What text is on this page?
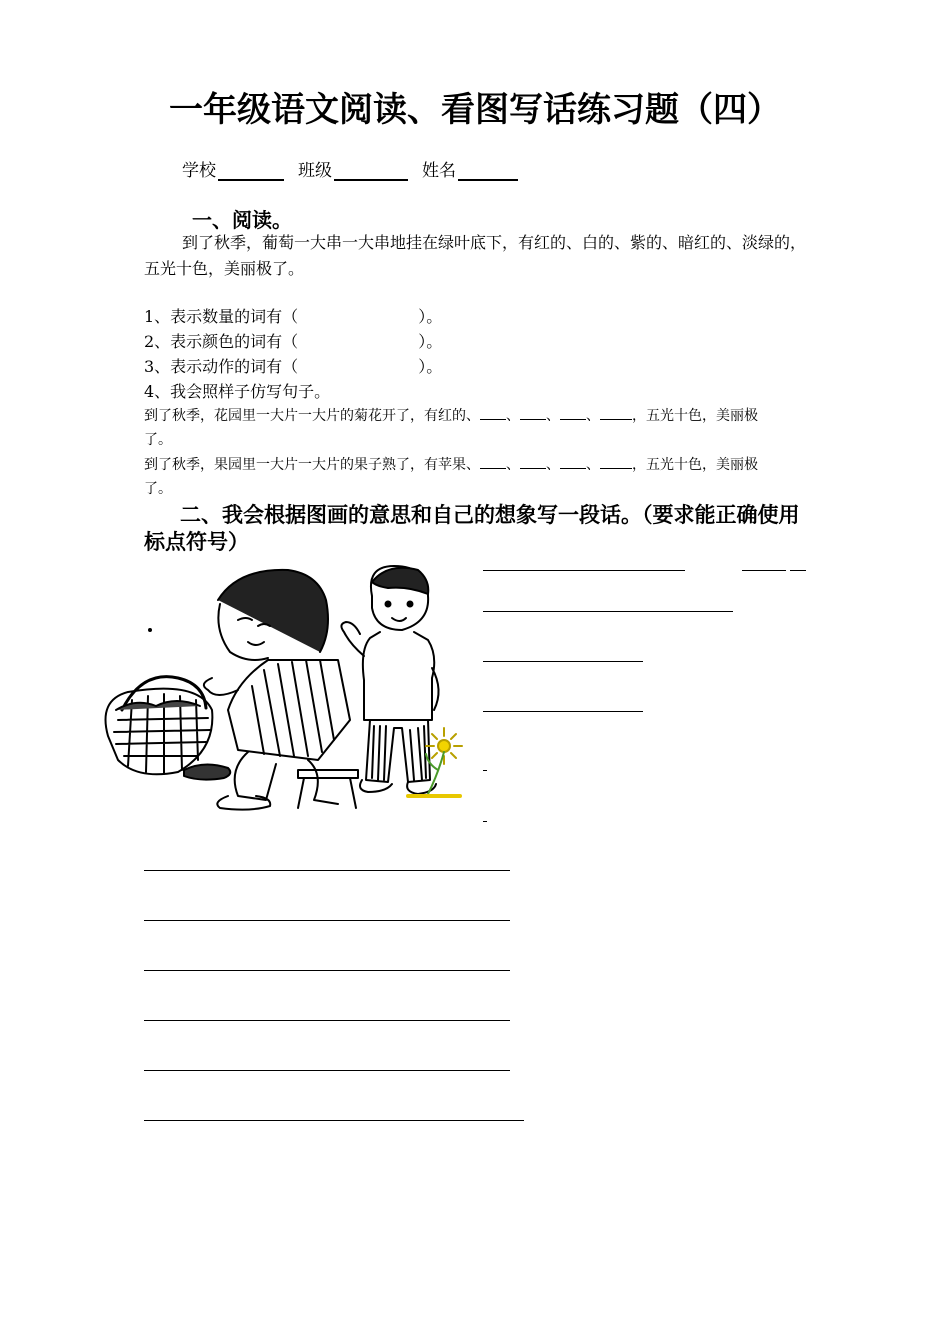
一年级语文阅读、看图写话练习题（四）
学校	班级	姓名
一、阅读。
到了秋季，葡萄一大串一大串地挂在绿叶底下，有红的、白的、紫的、暗红的、淡绿的，五光十色，美丽极了。
1、表示数量的词有（	）。
2、表示颜色的词有（	）。
3、表示动作的词有（	）。
4、我会照样子仿写句子。
到了秋季，花园里一大片一大片的菊花开了，有红的、 、 、 、 ，五光十色，美丽极
了。
到了秋季，果园里一大片一大片的果子熟了，有苹果、 、 、 、 ，五光十色，美丽极
了。
二、我会根据图画的意思和自己的想象写一段话。（要求能正确使用标点符号）
